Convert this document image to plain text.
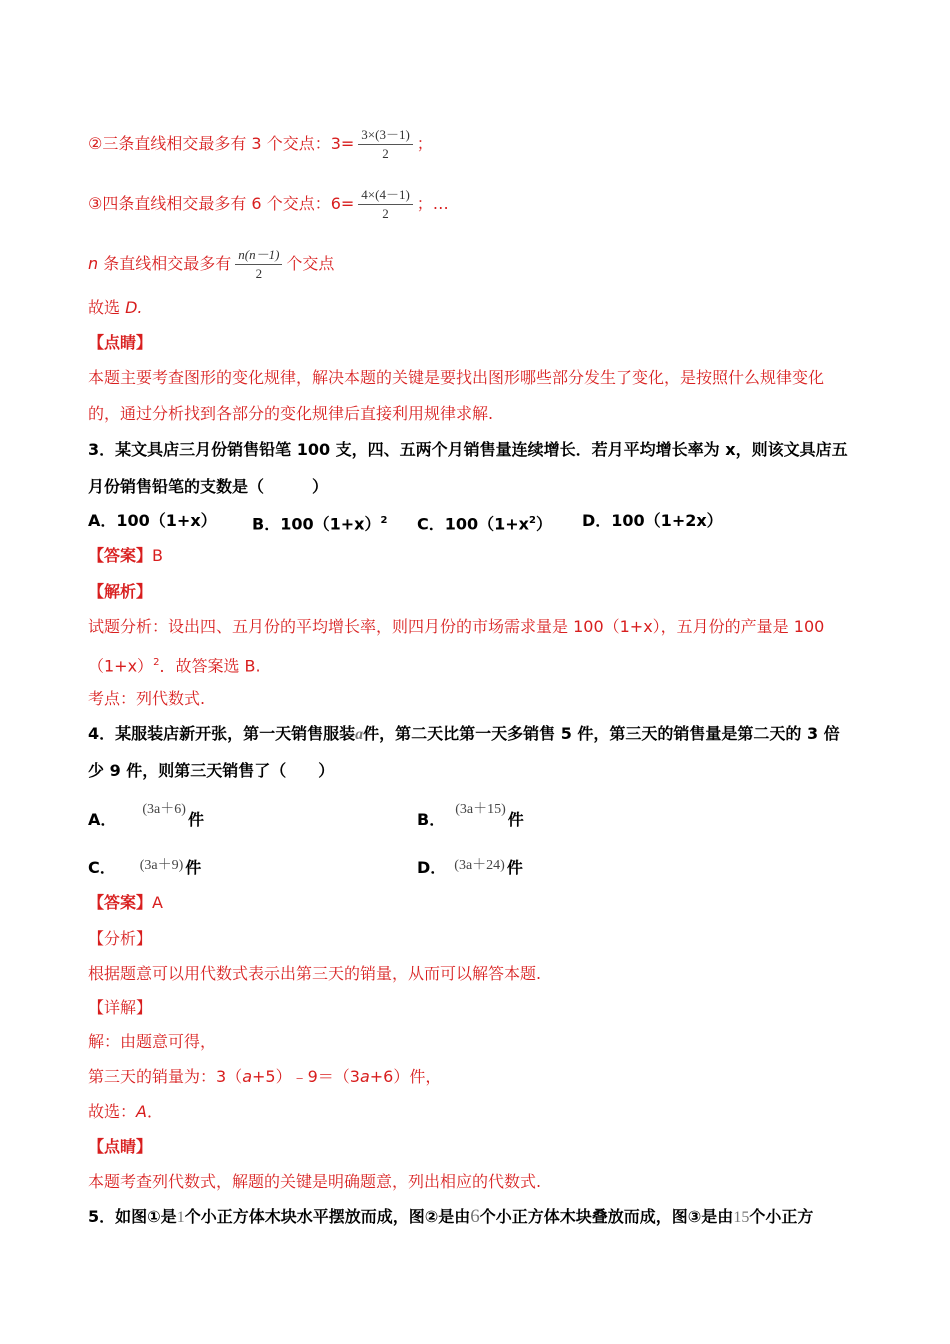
②三条直线相交最多有 3 个交点：$3= \frac{3\times(3-1)}{2}$ ；
③四条直线相交最多有 6 个交点：$6= \frac{4\times(4-1)}{2}$ ；…
n 条直线相交最多有 $\frac{n(n-1)}{2}$ 个交点
故选 D.
【点睛】
本题主要考查图形的变化规律，解决本题的关键是要找出图形哪些部分发生了变化，是按照什么规律变化
的，通过分析找到各部分的变化规律后直接利用规律求解.
3．某文具店三月份销售铅笔 100 支，四、五两个月销售量连续增长．若月平均增长率为 x，则该文具店五
月份销售铅笔的支数是（　　　）
A．100（1+x） B．$100(1+x)^2$ C．$100(1+x^2)$ D．100（1+2x）
【答案】B
【解析】
试题分析：设出四、五月份的平均增长率，则四月份的市场需求量是 100（1+x），五月份的产量是 100
$(1+x)^2$．故答案选 B.
考点：列代数式.
4．某服装店新开张，第一天销售服装a件，第二天比第一天多销售 5 件，第三天的销售量是第二天的 3 倍
少 9 件，则第三天销售了（　　）
A．(3a＋6)件	B．(3a＋15)件
C． (3a＋9) 件	D． (3a＋24) 件
【答案】A
【分析】
根据题意可以用代数式表示出第三天的销量，从而可以解答本题.
【详解】
解：由题意可得，
第三天的销量为：3（a+5）﹣9＝（3a+6）件，
故选：A．
【点睛】
本题考查列代数式，解题的关键是明确题意，列出相应的代数式.
5．如图①是1个小正方体木块水平摆放而成，图②是由6个小正方体木块叠放而成，图③是由15个小正方
